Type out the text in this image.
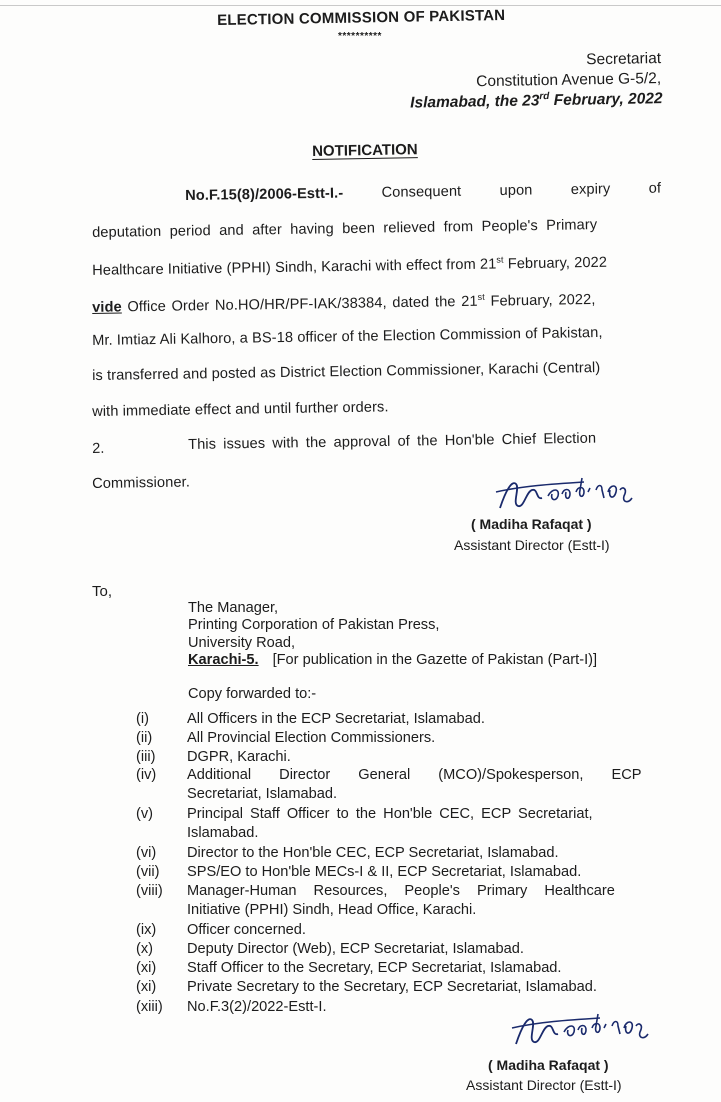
ELECTION COMMISSION OF PAKISTAN
**********
Secretariat
Constitution Avenue G-5/2,
Islamabad, the 23rd February, 2022
NOTIFICATION
No.F.15(8)/2006-Estt-I.-	Consequent	upon	expiry	of
deputation period and after having been relieved from People's Primary
Healthcare Initiative (PPHI) Sindh, Karachi with effect from 21st February, 2022
vide Office Order No.HO/HR/PF-IAK/38384, dated the 21st February, 2022,
Mr. Imtiaz Ali Kalhoro, a BS-18 officer of the Election Commission of Pakistan,
is transferred and posted as District Election Commissioner, Karachi (Central)
with immediate effect and until further orders.
2.	This issues with the approval of the Hon'ble Chief Election
Commissioner.
( Madiha Rafaqat )
Assistant Director (Estt-I)
To,
The Manager,
Printing Corporation of Pakistan Press,
University Road,
Karachi-5. [For publication in the Gazette of Pakistan (Part-I)]
Copy forwarded to:-
(i)	All Officers in the ECP Secretariat, Islamabad.
(ii) All Provincial Election Commissioners.
(iii) DGPR, Karachi.
(iv) Additional Director General (MCO)/Spokesperson, ECP
Secretariat, Islamabad.
(v) Principal Staff Officer to the Hon'ble CEC, ECP Secretariat,
Islamabad.
(vi) Director to the Hon'ble CEC, ECP Secretariat, Islamabad.
(vii) SPS/EO to Hon'ble MECs-I & II, ECP Secretariat, Islamabad.
(viii) Manager-Human Resources, People's Primary Healthcare
Initiative (PPHI) Sindh, Head Office, Karachi.
(ix) Officer concerned.
(x) Deputy Director (Web), ECP Secretariat, Islamabad.
(xi) Staff Officer to the Secretary, ECP Secretariat, Islamabad.
(xi) Private Secretary to the Secretary, ECP Secretariat, Islamabad.
(xiii) No.F.3(2)/2022-Estt-I.
( Madiha Rafaqat )
Assistant Director (Estt-I)
